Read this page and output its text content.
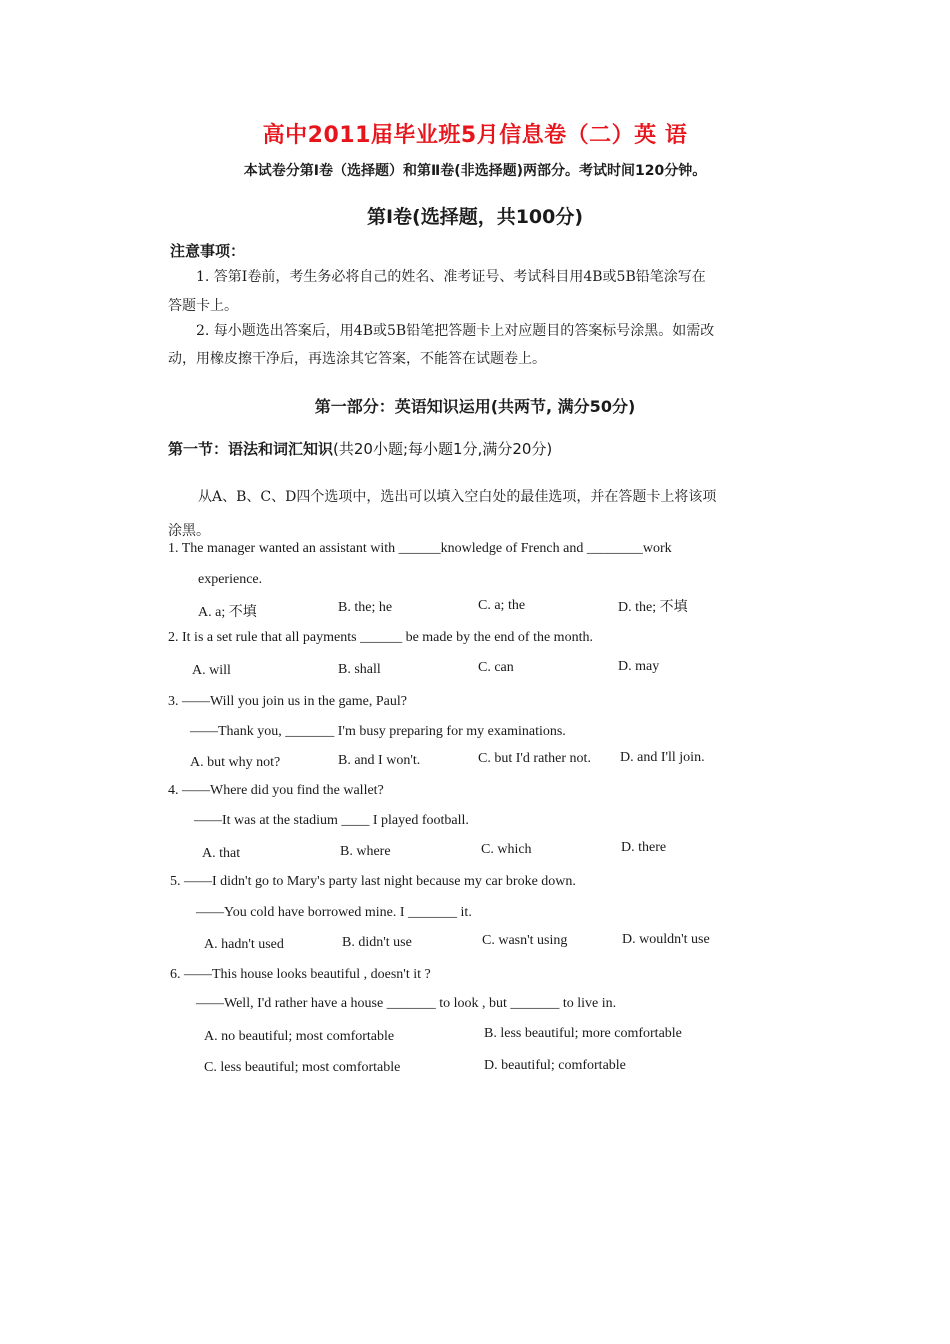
高中2011届毕业班5月信息卷（二）英 语
本试卷分第Ⅰ卷（选择题）和第Ⅱ卷(非选择题)两部分。考试时间120分钟。
第Ⅰ卷(选择题，共100分)
注意事项：
1. 答第Ⅰ卷前，考生务必将自己的姓名、准考证号、考试科目用4B或5B铅笔涂写在
答题卡上。
2. 每小题选出答案后，用4B或5B铅笔把答题卡上对应题目的答案标号涂黑。如需改
动，用橡皮擦干净后，再选涂其它答案，不能答在试题卷上。
第一部分：英语知识运用(共两节, 满分50分)
第一节：语法和词汇知识(共20小题;每小题1分,满分20分)
从A、B、C、D四个选项中，选出可以填入空白处的最佳选项，并在答题卡上将该项
涂黑。
1. The manager wanted an assistant with ______knowledge of French and ________work
experience.
A. a; 不填	B. the; he	C. a; the	D. the; 不填
2. It is a set rule that all payments ______ be made by the end of the month.
A. will	B. shall	C. can	D. may
3. ——Will you join us in the game, Paul?
——Thank you, _______ I'm busy preparing for my examinations.
A. but why not?	B. and I won't.	C. but I'd rather not. D. and I'll join.
4. ——Where did you find the wallet?
——It was at the stadium ____ I played football.
A. that	B. where	C. which	D. there
5. ——I didn't go to Mary's party last night because my car broke down.
——You cold have borrowed mine. I _______ it.
A. hadn't used	B. didn't use	C. wasn't using	D. wouldn't use
6. ——This house looks beautiful , doesn't it ?
——Well, I'd rather have a house _______ to look , but _______ to live in.
A. no beautiful; most comfortable	B. less beautiful; more comfortable
C. less beautiful; most comfortable	D. beautiful; comfortable
